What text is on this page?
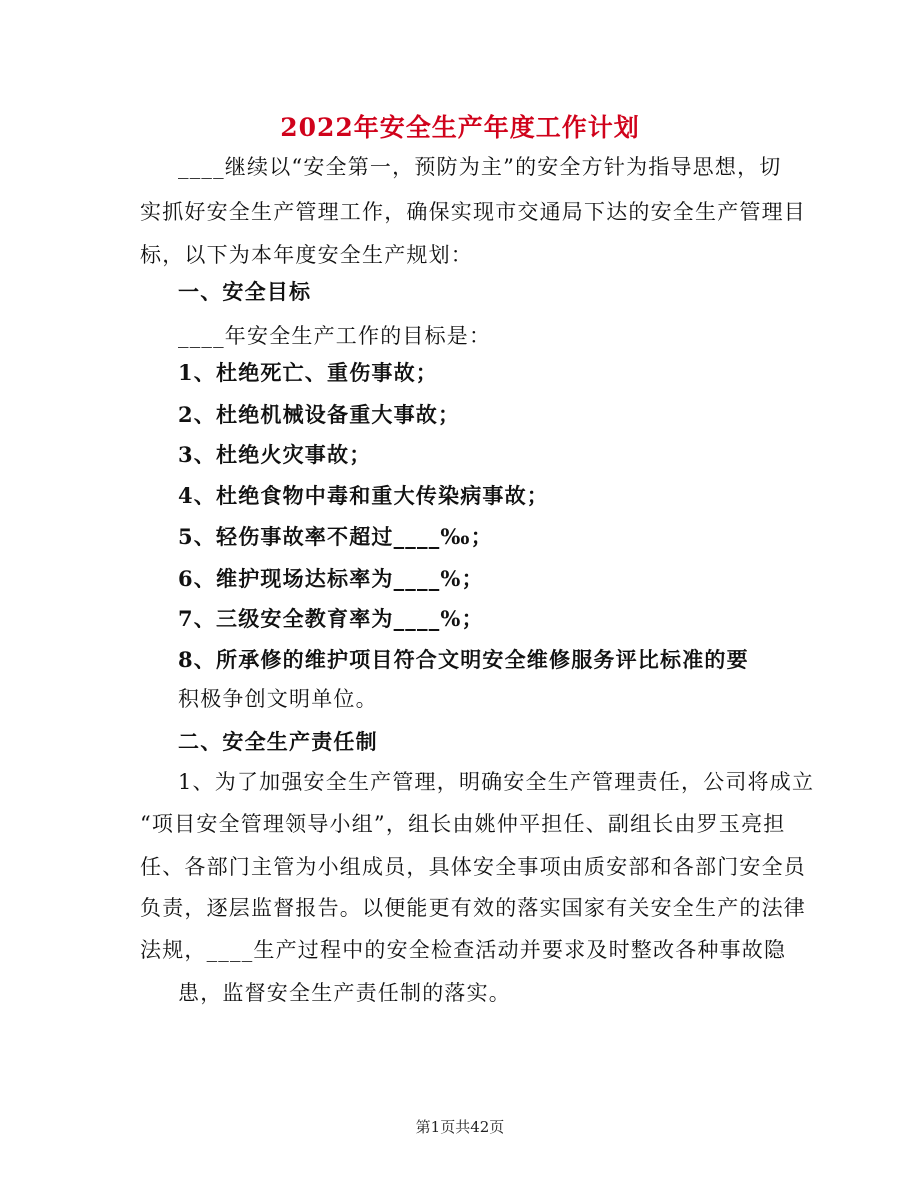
2022年安全生产年度工作计划
____继续以“安全第一，预防为主”的安全方针为指导思想，切
实抓好安全生产管理工作，确保实现市交通局下达的安全生产管理目
标，以下为本年度安全生产规划：
一、安全目标
____年安全生产工作的目标是：
1、杜绝死亡、重伤事故；
2、杜绝机械设备重大事故；
3、杜绝火灾事故；
4、杜绝食物中毒和重大传染病事故；
5、轻伤事故率不超过____‰；
6、维护现场达标率为____%；
7、三级安全教育率为____%；
8、所承修的维护项目符合文明安全维修服务评比标准的要
积极争创文明单位。
二、安全生产责任制
1、为了加强安全生产管理，明确安全生产管理责任，公司将成立
“项目安全管理领导小组”，组长由姚仲平担任、副组长由罗玉亮担
任、各部门主管为小组成员，具体安全事项由质安部和各部门安全员
负责，逐层监督报告。以便能更有效的落实国家有关安全生产的法律
法规，____生产过程中的安全检查活动并要求及时整改各种事故隐
患，监督安全生产责任制的落实。
第1页共42页
